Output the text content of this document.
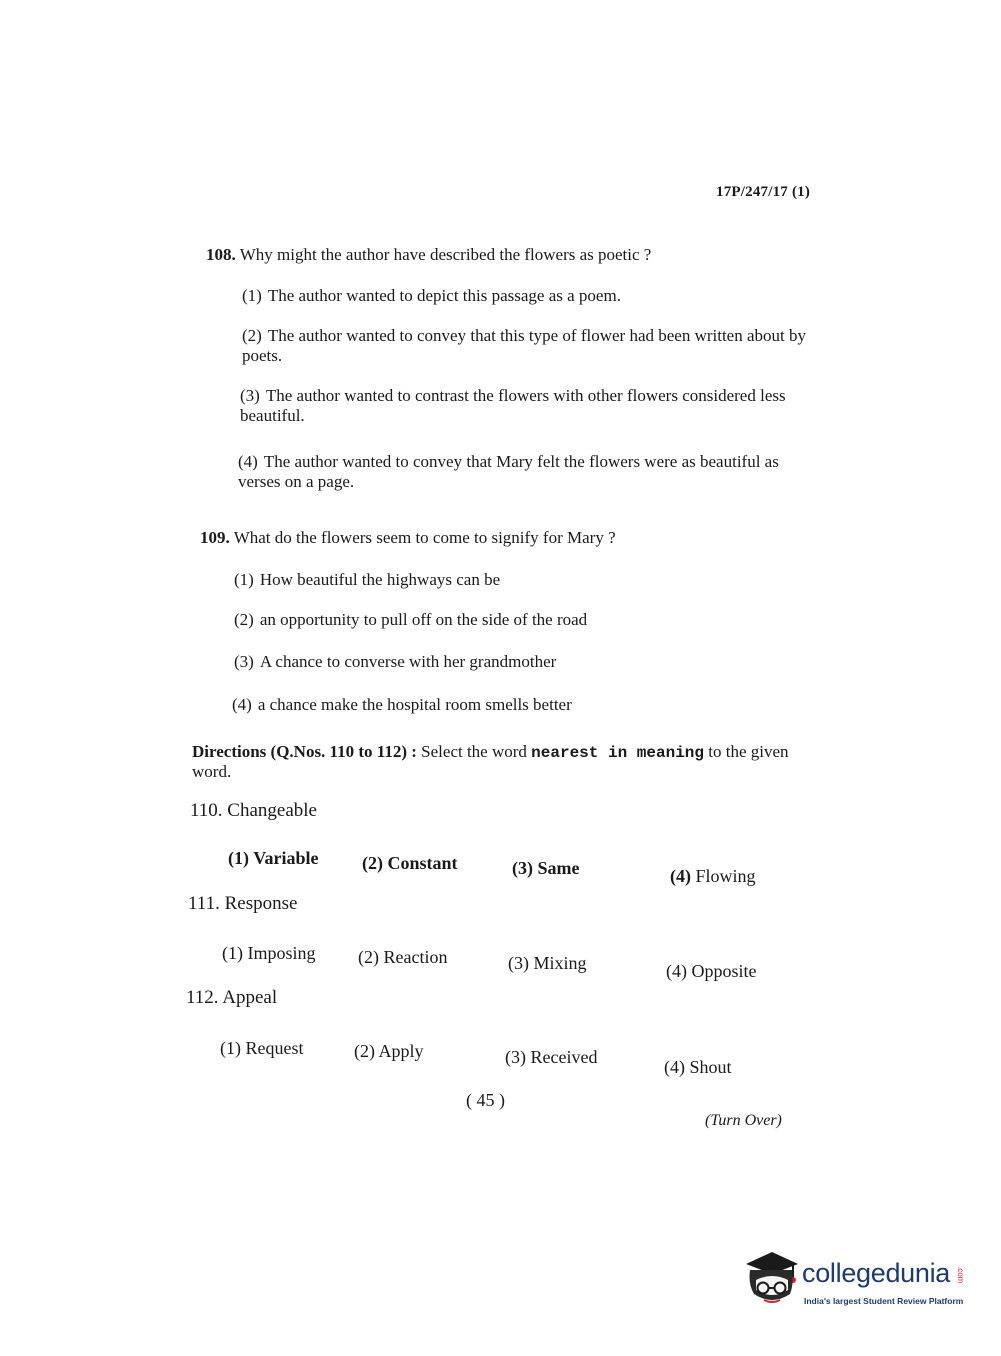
17P/247/17 (1)
108. Why might the author have described the flowers as poetic ?
(1) The author wanted to depict this passage as a poem.
(2) The author wanted to convey that this type of flower had been written about by poets.
(3) The author wanted to contrast the flowers with other flowers considered less beautiful.
(4) The author wanted to convey that Mary felt the flowers were as beautiful as verses on a page.
109. What do the flowers seem to come to signify for Mary ?
(1) How beautiful the highways can be
(2) an opportunity to pull off on the side of the road
(3) A chance to converse with her grandmother
(4) a chance make the hospital room smells better
Directions (Q.Nos. 110 to 112) : Select the word nearest in meaning to the given word.
110. Changeable
(1) Variable (2) Constant	(3) Same	(4) Flowing
111. Response
(1) Imposing (2) Reaction	(3) Mixing	(4) Opposite
112. Appeal
(1) Request	(2) Apply	(3) Received	(4) Shout
( 45 )
(Turn Over)
collegedunia .com
India's largest Student Review Platform
